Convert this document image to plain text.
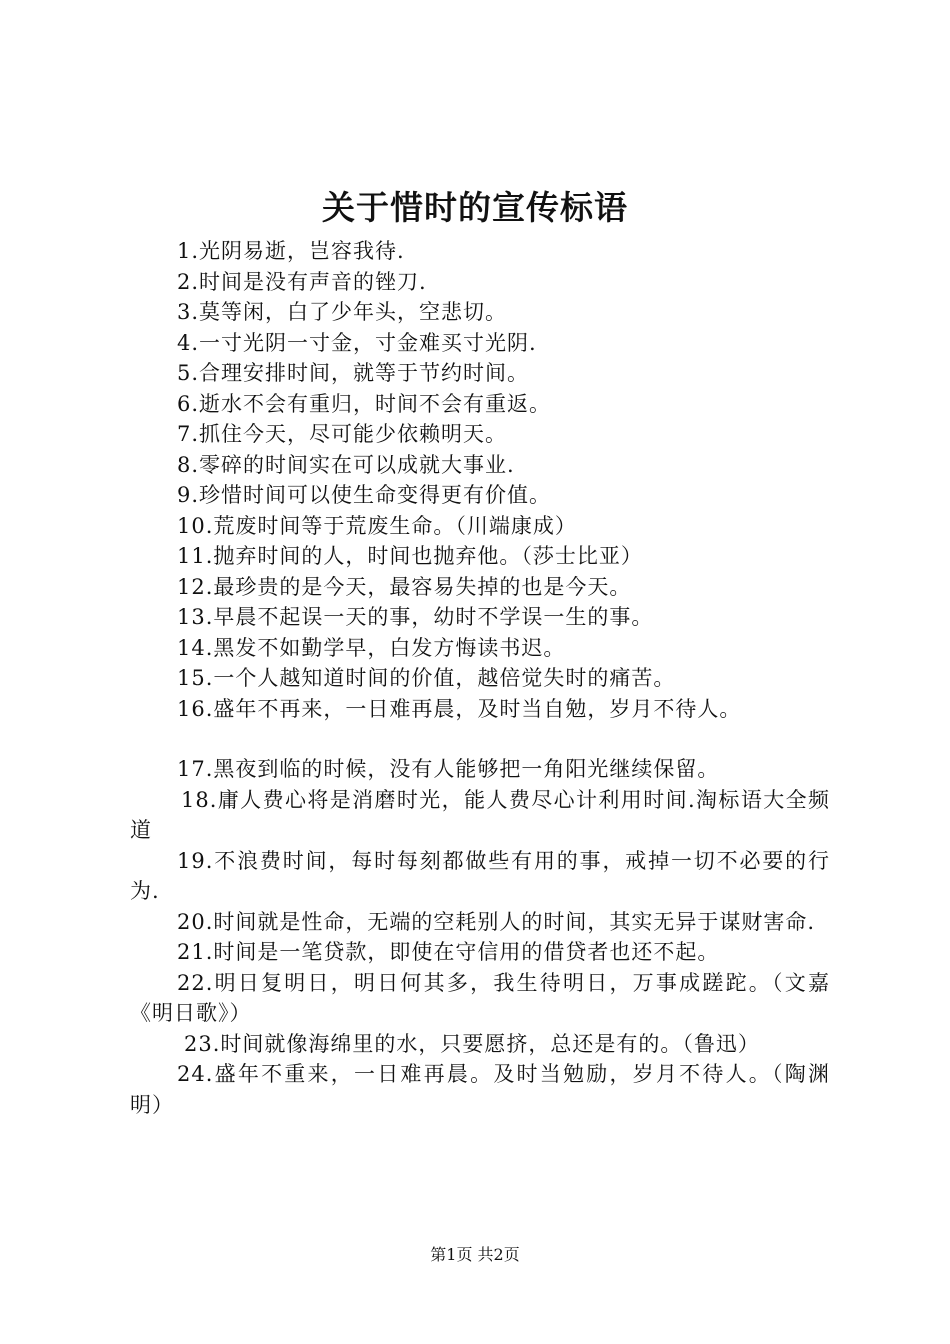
关于惜时的宣传标语
1.光阴易逝，岂容我待.
2.时间是没有声音的锉刀.
3.莫等闲，白了少年头，空悲切。
4.一寸光阴一寸金，寸金难买寸光阴.
5.合理安排时间，就等于节约时间。
6.逝水不会有重归，时间不会有重返。
7.抓住今天，尽可能少依赖明天。
8.零碎的时间实在可以成就大事业.
9.珍惜时间可以使生命变得更有价值。
10.荒废时间等于荒废生命。（川端康成）
11.抛弃时间的人，时间也抛弃他。（莎士比亚）
12.最珍贵的是今天，最容易失掉的也是今天。
13.早晨不起误一天的事，幼时不学误一生的事。
14.黑发不如勤学早，白发方悔读书迟。
15.一个人越知道时间的价值，越倍觉失时的痛苦。
16.盛年不再来，一日难再晨，及时当自勉，岁月不待人。
17.黑夜到临的时候，没有人能够把一角阳光继续保留。
18.庸人费心将是消磨时光，能人费尽心计利用时间.淘标语大全频道
19.不浪费时间，每时每刻都做些有用的事，戒掉一切不必要的行为.
20.时间就是性命，无端的空耗别人的时间，其实无异于谋财害命.
21.时间是一笔贷款，即使在守信用的借贷者也还不起。
22.明日复明日，明日何其多，我生待明日，万事成蹉跎。（文嘉《明日歌》）
23.时间就像海绵里的水，只要愿挤，总还是有的。（鲁迅）
24.盛年不重来，一日难再晨。及时当勉励，岁月不待人。（陶渊明）
第1页 共2页
